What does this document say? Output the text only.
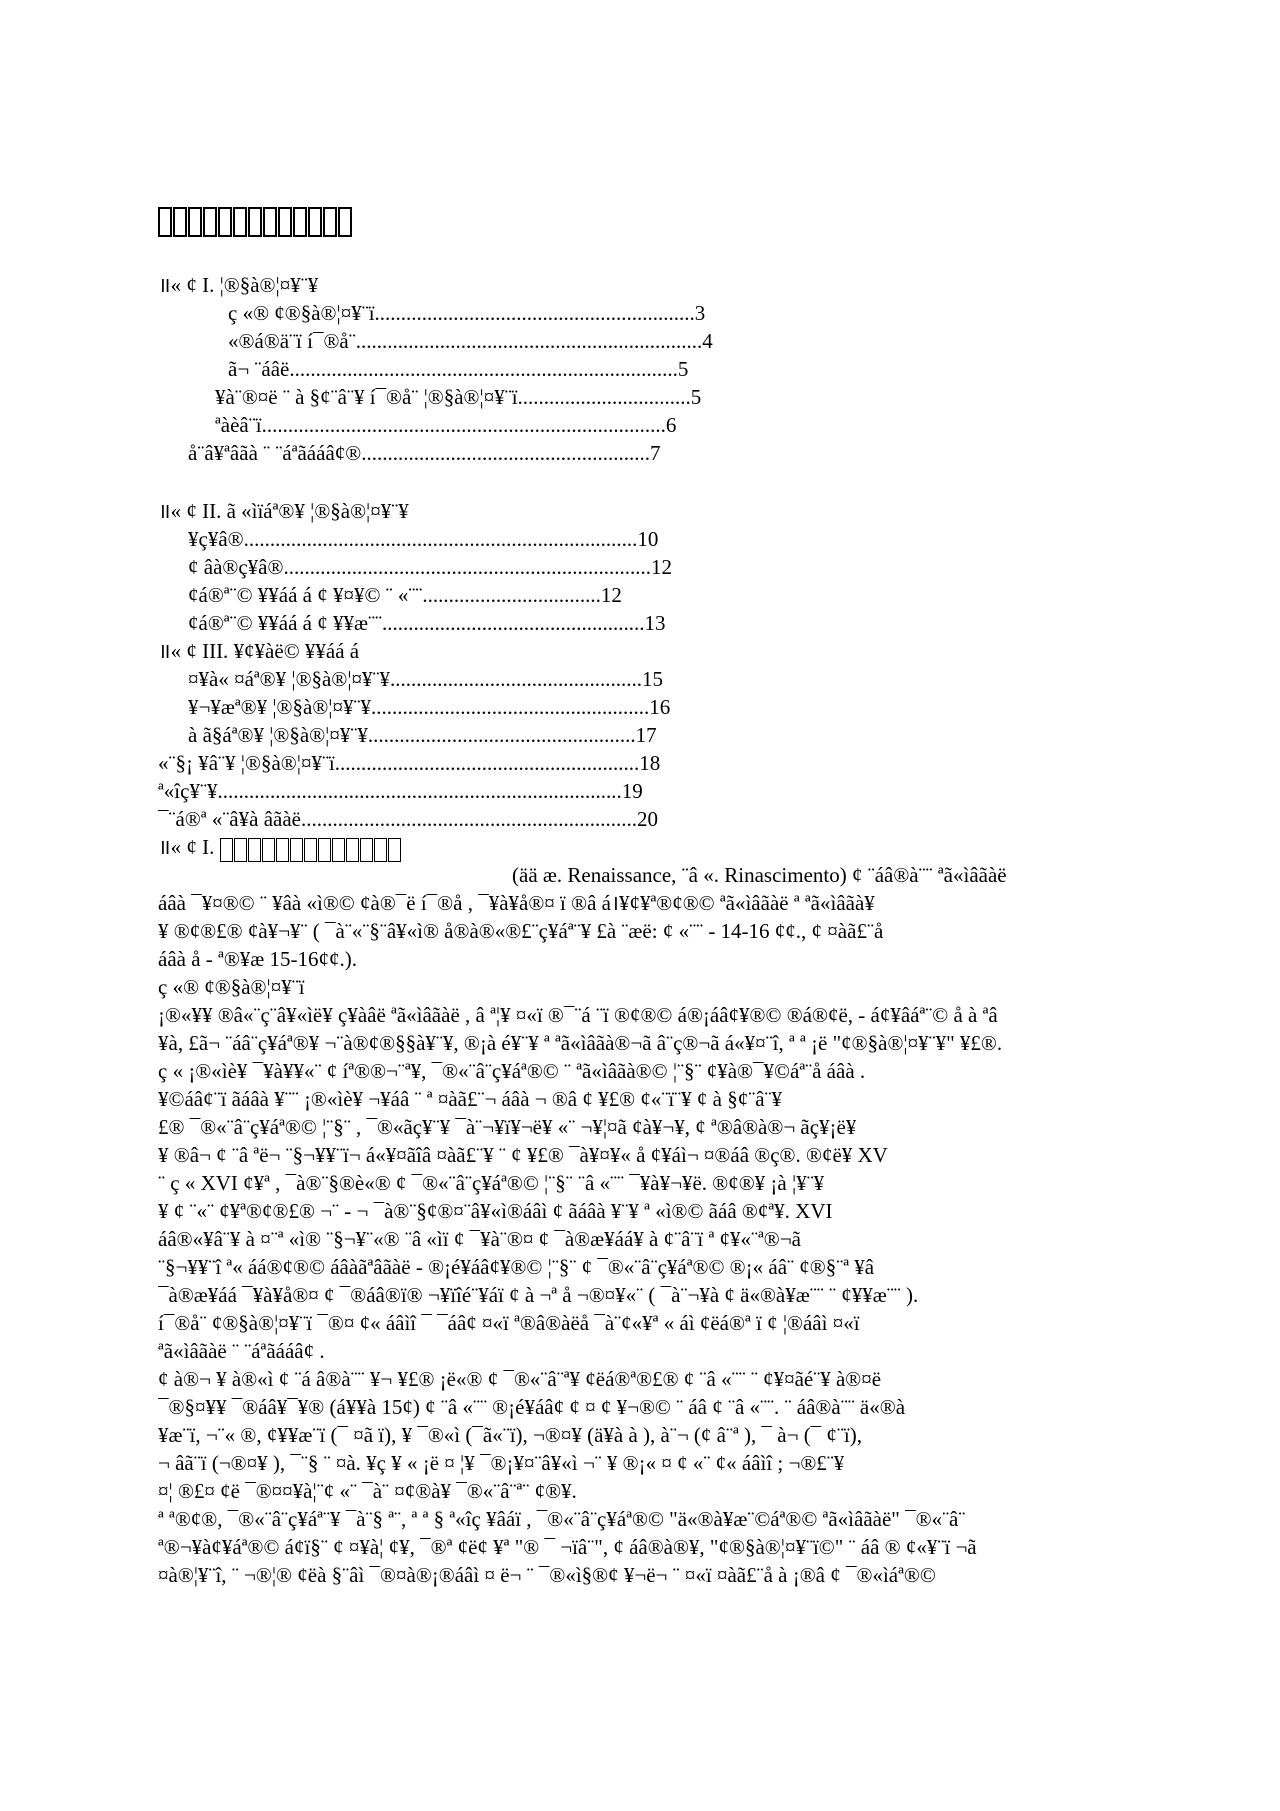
॥« ¢ I. ¦®§à®¦¤¥¨¥
ç «® ¢®§à®¦¤¥¨ï.............................................................3
«®á®ä¨ï í¯®å¨..................................................................4
ã¬ ¨áâë..........................................................................5
¥à¨®¤ë ¨ à §¢¨â¨¥ í¯®å¨ ¦®§à®¦¤¥¨ï.................................5
ªàèâ¨ï.............................................................................6
å¨â¥ªâãà ¨ ¨áªãááâ¢®.......................................................7
॥« ¢ II. ã «ìïáª®¥ ¦®§à®¦¤¥¨¥
¥ç¥â®...........................................................................10
¢ âà®ç¥â®......................................................................12
¢á®ª¨© ¥¥áá á ¢ ¥¤¥© ¨ «¨¨..................................12
¢á®ª¨© ¥¥áá á ¢ ¥¥æ¨¨..................................................13
॥« ¢ III. ¥¢¥àë© ¥¥áá á
¤¥à« ¤áª®¥ ¦®§à®¦¤¥¨¥................................................15
¥¬¥æª®¥ ¦®§à®¦¤¥¨¥.....................................................16
à ã§áª®¥ ¦®§à®¦¤¥¨¥...................................................17
«¨§¡ ¥â¨¥ ¦®§à®¦¤¥¨ï..........................................................18
ª«îç¥¨¥.............................................................................19
¯¨á®ª «¨â¥à âãàë................................................................20
॥« ¢ I.
(ää æ. Renaissance, ¨â «. Rinascimento) ¢ ¨áâ®à¨¨ ªã«ìâãàë
áâà ¯¥¤®© ¨ ¥âà «ì®© ¢à®¯ë í¯®å , ¯¥à¥å®¤ ï ®â á।¥¢¥ª®¢®© ªã«ìâãàë ª ªã«ìâãà¥
¥ ®¢®£® ¢à¥¬¥¨ ( ¯à¨«¨§¨â¥«ì® å®à®«®£¨ç¥áª¨¥ £à ¨æë: ¢ «¨¨ - 14-16 ¢¢., ¢ ¤àã£¨å
áâà å - ª®¥æ 15-16¢¢.).
ç «® ¢®§à®¦¤¥¨ï
¡®«¥¥ ®â«¨ç¨â¥«ìë¥ ç¥àâë ªã«ìâãàë , â ª¦¥ ¤«ï ®¯¨á ¨ï ®¢®© á®¡áâ¢¥®© ®á®¢ë, - á¢¥âáª¨© å à ªâ
¥à, £ã¬ ¨áâ¨ç¥áª®¥ ¬¨à®¢®§§à¥¨¥, ®¡à é¥¨¥ ª ªã«ìâãà®¬ã â¨ç®¬ã á«¥¤¨î, ª ª ¡ë "¢®§à®¦¤¥¨¥" ¥£®.
ç « ¡®«ìè¥ ¯¥à¥¥«¨ ¢ íª®®¬¨ª¥, ¯®«¨â¨ç¥áª®© ¨ ªã«ìâãà®© ¦¨§¨ ¢¥à®¯¥©áª¨å áâà .
¥©áâ¢¨ï ãáâà ¥¨¨ ¡®«ìè¥ ¬¥áâ ¨ ª ¤àã£¨¬ áâà ¬ ®â ¢ ¥£® ¢«¨ï¨¥ ¢ à §¢¨â¨¥
£® ¯®«¨â¨ç¥áª®© ¦¨§¨ , ¯®«ãç¥¨¥ ¯à¨¬¥ï¥¬ë¥ «¨ ¬¥¦¤ã ¢à¥¬¥, ¢ ª®â®à®¬ ãç¥¡ë¥
¥ ®â¬ ¢ ¨â ªë¬ ¨§¬¥¥¨ï¬ á«¥¤ãîâ ¤àã£¨¥ ¨ ¢ ¥£® ¯à¥¤¥« å ¢¥áì¬ ¤®áâ ®ç®. ®¢ë¥ XV
¨ ç « XVI ¢¥ª , ¯à®¨§®è«® ¢ ¯®«¨â¨ç¥áª®© ¦¨§¨ ¨â «¨¨ ¯¥à¥¬¥ë. ®¢®¥ ¡à ¦¥¨¥
¥ ¢ ¨«¨ ¢¥ª®¢®£® ¬¨ - ¬ ¯à®¨§¢®¤¨â¥«ì®áâì ¢ ãáâà ¥¨¥ ª «ì®© ãáâ ®¢ª¥. XVI
áâ®«¥â¨¥ à ¤¨ª «ì® ¨§¬¥¨«® ¨â «ìï ¢ ¯¥à¨®¤ ¢ ¯à®æ¥áá¥ à ¢¨â¨ï ª ¢¥«¨ª®¬ã
¨§¬¥¥¨î ª« áá®¢®© áâàãªâãàë - ®¡é¥áâ¢¥®© ¦¨§¨ ¢ ¯®«¨â¨ç¥áª®© ®¡« áâ¨ ¢®§¨ª ¥â
¯à®æ¥áá ¯¥à¥å®¤ ¢ ¯®áâ®ï® ¬¥ïîé¨¥áï ¢ à ¬ª å ¬®¤¥«¨ ( ¯à¨¬¥à ¢ ä«®à¥æ¨¨ ¨ ¢¥¥æ¨¨ ).
í¯®å¨ ¢®§à®¦¤¥¨ï ¯®¤ ¢« áâìî ¯ ¯áâ¢ ¤«ï ª®â®àëå ¯à¨¢«¥ª « áì ¢ëá®ª ï ¢ ¦®áâì ¤«ï
ªã«ìâãàë ¨ ¨áªãááâ¢ .
¢ à®¬ ¥ à®«ì ¢ ¨á â®à¨¨ ¥¬ ¥£® ¡ë«® ¢ ¯®«¨â¨ª¥ ¢ëá®ª®£® ¢ ¨â «¨¨ ¨ ¢¥¤ãé¨¥ à®¤ë
¯®§¤¥¥ ¯®áâ¥¯¥® (á¥¥à 15¢) ¢ ¨â «¨¨ ®¡é¥áâ¢ ¢ ¤ ¢ ¥¬®© ¨ áâ ¢ ¨â «¨¨. ¨ áâ®à¨¨ ä«®à
¥æ¨ï, ¬¨« ®, ¢¥¥æ¨ï (¯ ¤ã ï), ¥ ¯®«ì (¯ã«¨ï), ¬®¤¥ (ä¥à à ), à¨¬ (¢ â¨ª ), ¯ à¬ (¯ ¢¨ï),
¬ âã¨ï (¬®¤¥ ), ¯¨§ ¨ ¤à. ¥ç ¥ « ¡ë ¤ ¦¥ ¯®¡¥¤¨â¥«ì ¬¨ ¥ ®¡« ¤ ¢ «¨ ¢« áâìî ; ¬®£¨¥
¤¦ ®£¤ ¢ë ¯®¤¤¥à¦¨¢ «¨ ¯à¨ ¤¢®à¥ ¯®«¨â¨ª¨ ¢®¥.
ª ª®¢®, ¯®«¨â¨ç¥áª¨¥ ¯à¨§ ª¨, ª ª § ª«îç ¥âáï , ¯®«¨â¨ç¥áª®© "ä«®à¥æ¨©áª®© ªã«ìâãàë" ¯®«¨â¨
ª®¬¥à¢¥áª®© á¢ï§¨ ¢ ¤¥à¦ ¢¥, ¯®ª ¢ë¢ ¥ª "® ¯ ¬ïâ¨", ¢ áâ®à®¥, "¢®§à®¦¤¥¨ï©" ¨ áâ ® ¢«¥¨ï ¬ã
¤à®¦¥¨î, ¨ ¬®¦® ¢ëà §¨âì ¯®¤à®¡®áâì ¤ ë¬ ¨ ¯®«ì§®¢ ¥¬ë¬ ¨ ¤«ï ¤àã£¨å à ¡®â ¢ ¯®«ìáª®©
